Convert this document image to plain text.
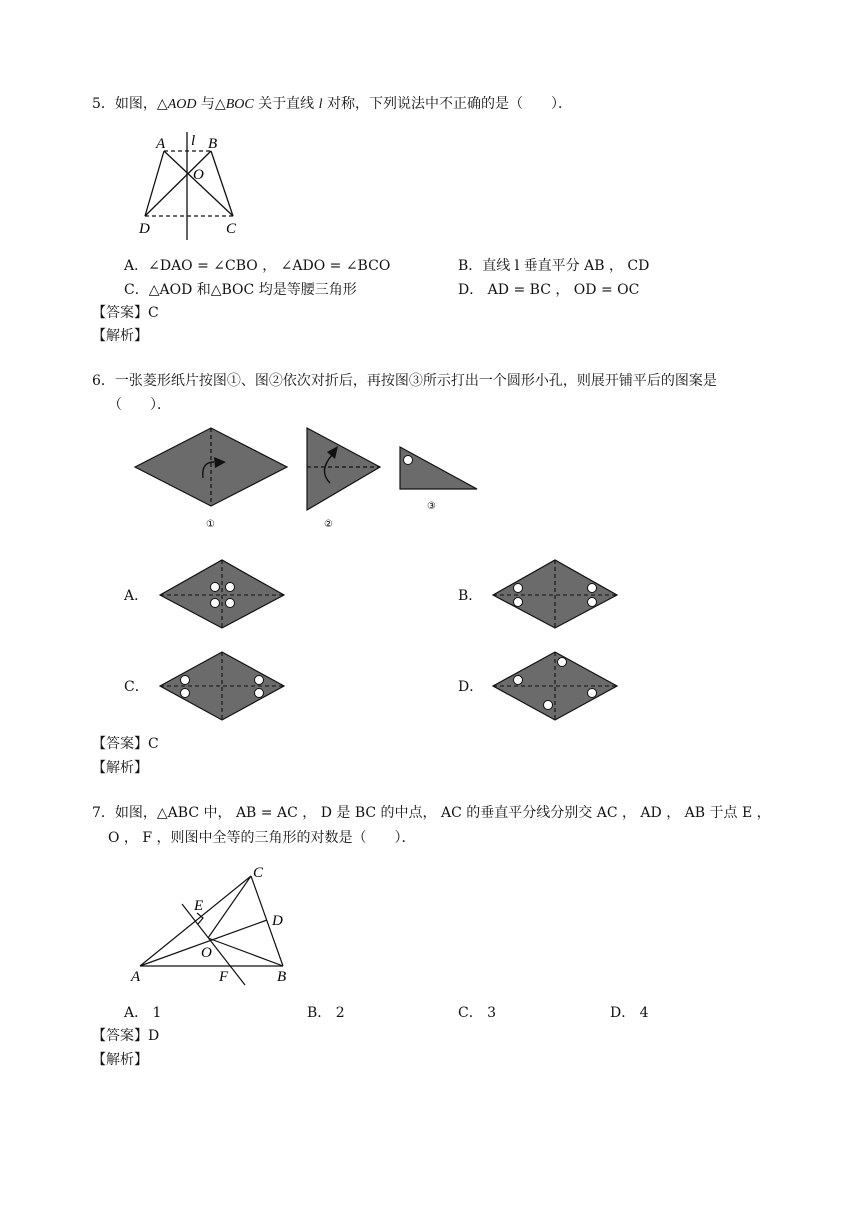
5．如图，△AOD 与△BOC 关于直线 l 对称，下列说法中不正确的是（　　）．
A l B
O
D	C
①	②
③
C
E
D
O
A	F	B
A．∠DAO = ∠CBO ， ∠ADO = ∠BCO	B．直线 l 垂直平分 AB ， CD
C．△AOD 和△BOC 均是等腰三角形	D． AD = BC ， OD = OC
【答案】C
【解析】
6．一张菱形纸片按图①、图②依次对折后，再按图③所示打出一个圆形小孔，则展开铺平后的图案是
（　　）．
A．	B．
C．	D．
【答案】C
【解析】
7．如图，△ABC 中， AB = AC ， D 是 BC 的中点， AC 的垂直平分线分别交 AC ， AD ， AB 于点 E ，
O ， F ，则图中全等的三角形的对数是（　　）．
A． 1	B． 2	C． 3	D． 4
【答案】D
【解析】
